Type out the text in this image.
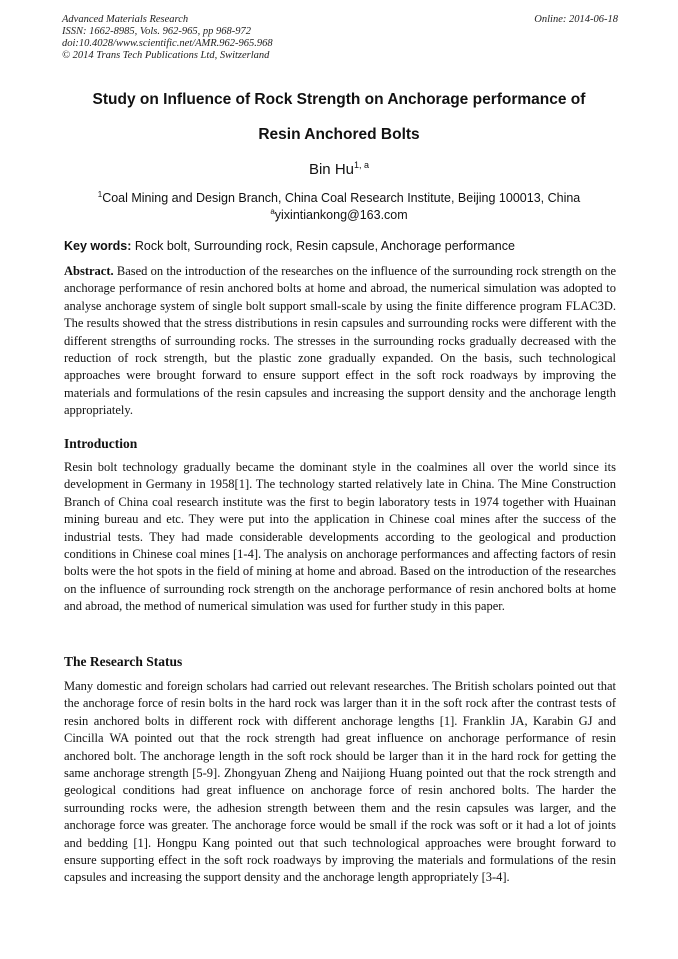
Advanced Materials Research
ISSN: 1662-8985, Vols. 962-965, pp 968-972
doi:10.4028/www.scientific.net/AMR.962-965.968
© 2014 Trans Tech Publications Ltd, Switzerland
Online: 2014-06-18
Study on Influence of Rock Strength on Anchorage performance of
Resin Anchored Bolts
Bin Hu$^{1, a}$
$^1$Coal Mining and Design Branch, China Coal Research Institute, Beijing 100013, China
$^a$yixintiankong@163.com
Key words: Rock bolt, Surrounding rock, Resin capsule, Anchorage performance

Abstract. Based on the introduction of the researches on the influence of the surrounding rock strength on the anchorage performance of resin anchored bolts at home and abroad, the numerical simulation was adopted to analyse anchorage system of single bolt support small-scale by using the finite difference program FLAC3D. The results showed that the stress distributions in resin capsules and surrounding rocks were different with the different strengths of surrounding rocks. The stresses in the surrounding rocks gradually decreased with the reduction of rock strength, but the plastic zone gradually expanded. On the basis, such technological approaches were brought forward to ensure support effect in the soft rock roadways by improving the materials and formulations of the resin capsules and increasing the support density and the anchorage length appropriately.

Introduction

Resin bolt technology gradually became the dominant style in the coalmines all over the world since its development in Germany in 1958[1]. The technology started relatively late in China. The Mine Construction Branch of China coal research institute was the first to begin laboratory tests in 1974 together with Huainan mining bureau and etc. They were put into the application in Chinese coal mines after the success of the industrial tests. They had made considerable developments according to the geological and production conditions in Chinese coal mines [1-4]. The analysis on anchorage performances and affecting factors of resin bolts were the hot spots in the field of mining at home and abroad. Based on the introduction of the researches on the influence of surrounding rock strength on the anchorage performance of resin anchored bolts at home and abroad, the method of numerical simulation was used for further study in this paper.

The Research Status

Many domestic and foreign scholars had carried out relevant researches. The British scholars pointed out that the anchorage force of resin bolts in the hard rock was larger than it in the soft rock after the contrast tests of resin anchored bolts in different rock with different anchorage lengths [1]. Franklin JA, Karabin GJ and Cincilla WA pointed out that the rock strength had great influence on anchorage performance of resin anchored bolt. The anchorage length in the soft rock should be larger than it in the hard rock for getting the same anchorage strength [5-9]. Zhongyuan Zheng and Naijiong Huang pointed out that the rock strength and geological conditions had great influence on anchorage force of resin anchored bolts. The harder the surrounding rocks were, the adhesion strength between them and the resin capsules was larger, and the anchorage force was greater. The anchorage force would be small if the rock was soft or it had a lot of joints and bedding [1]. Hongpu Kang pointed out that such technological approaches were brought forward to ensure supporting effect in the soft rock roadways by improving the materials and formulations of the resin capsules and increasing the support density and the anchorage length appropriately [3-4].
